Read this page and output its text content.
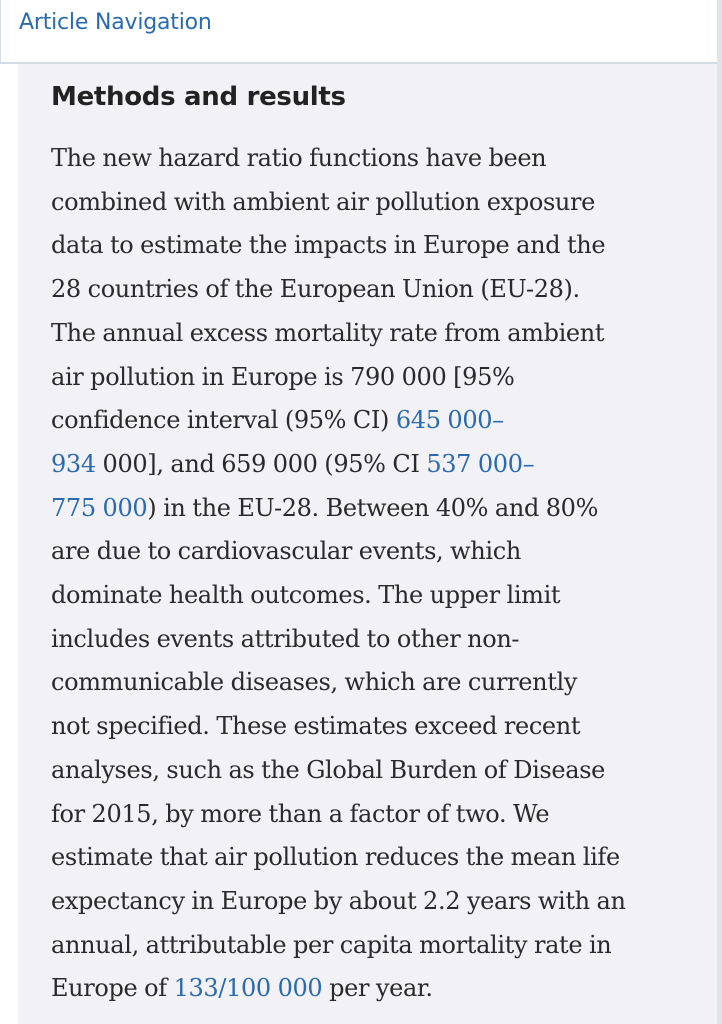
Article Navigation
Methods and results

The new hazard ratio functions have been
combined with ambient air pollution exposure
data to estimate the impacts in Europe and the
28 countries of the European Union (EU-28).
The annual excess mortality rate from ambient
air pollution in Europe is 790 000 [95%
confidence interval (95% CI) 645 000–
934 000], and 659 000 (95% CI 537 000–
775 000) in the EU-28. Between 40% and 80%
are due to cardiovascular events, which
dominate health outcomes. The upper limit
includes events attributed to other non-
communicable diseases, which are currently
not specified. These estimates exceed recent
analyses, such as the Global Burden of Disease
for 2015, by more than a factor of two. We
estimate that air pollution reduces the mean life
expectancy in Europe by about 2.2 years with an
annual, attributable per capita mortality rate in
Europe of 133/100 000 per year.
